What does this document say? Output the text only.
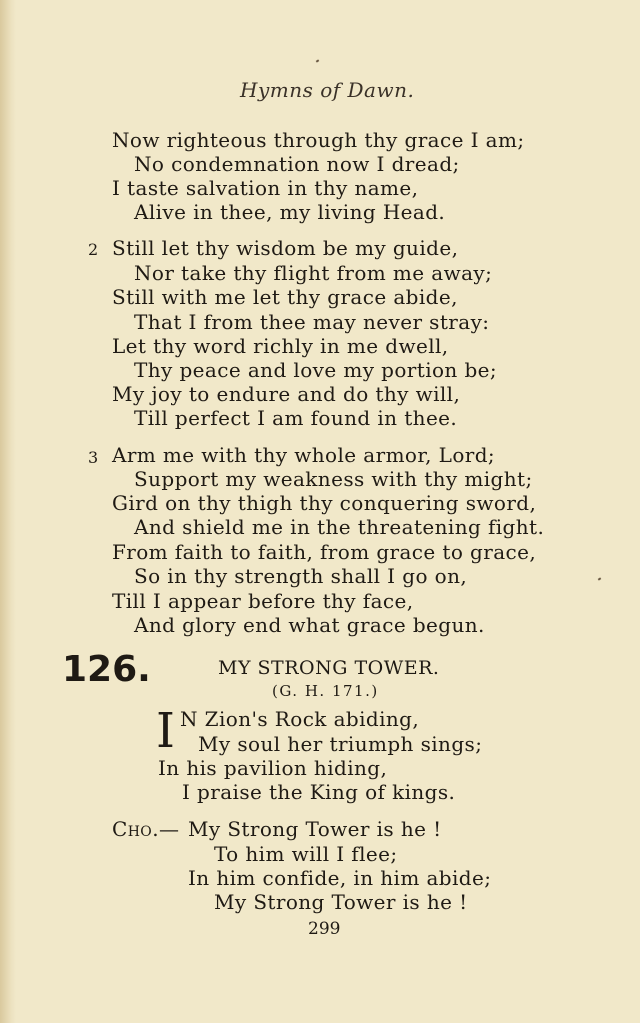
Hymns of Dawn.
Now righteous through thy grace I am;
No condemnation now I dread;
I taste salvation in thy name,
Alive in thee, my living Head.
2 Still let thy wisdom be my guide,
Nor take thy flight from me away;
Still with me let thy grace abide,
That I from thee may never stray:
Let thy word richly in me dwell,
Thy peace and love my portion be;
My joy to endure and do thy will,
Till perfect I am found in thee.
3 Arm me with thy whole armor, Lord;
Support my weakness with thy might;
Gird on thy thigh thy conquering sword,
And shield me in the threatening fight.
From faith to faith, from grace to grace,
So in thy strength shall I go on,
Till I appear before thy face,
And glory end what grace begun.
126.	MY STRONG TOWER.
(G. H. 171.)
I N Zion's Rock abiding,
My soul her triumph sings;
In his pavilion hiding,
I praise the King of kings.
Cho.— My Strong Tower is he !
To him will I flee;
In him confide, in him abide;
My Strong Tower is he !
299
